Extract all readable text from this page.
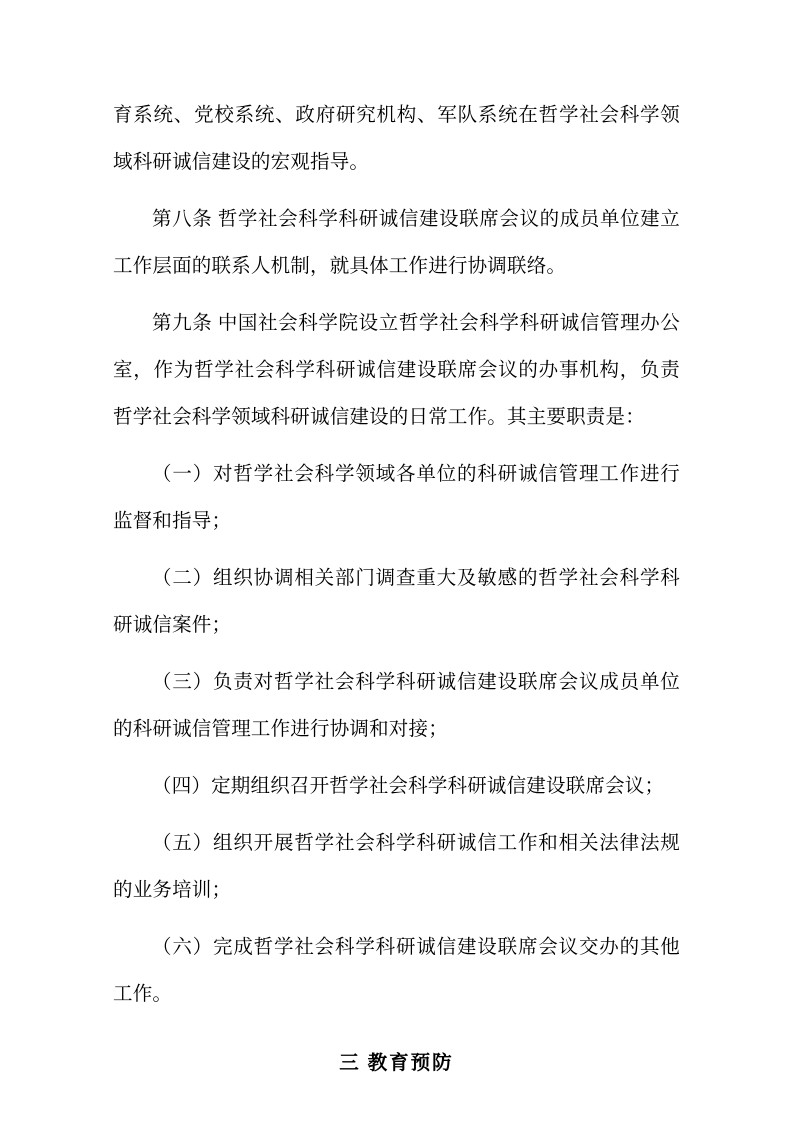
育系统、党校系统、政府研究机构、军队系统在哲学社会科学领域科研诚信建设的宏观指导。

第八条 哲学社会科学科研诚信建设联席会议的成员单位建立工作层面的联系人机制，就具体工作进行协调联络。

第九条 中国社会科学院设立哲学社会科学科研诚信管理办公室，作为哲学社会科学科研诚信建设联席会议的办事机构，负责哲学社会科学领域科研诚信建设的日常工作。其主要职责是：

（一）对哲学社会科学领域各单位的科研诚信管理工作进行监督和指导；

（二）组织协调相关部门调查重大及敏感的哲学社会科学科研诚信案件；

（三）负责对哲学社会科学科研诚信建设联席会议成员单位的科研诚信管理工作进行协调和对接；

（四）定期组织召开哲学社会科学科研诚信建设联席会议；

（五）组织开展哲学社会科学科研诚信工作和相关法律法规的业务培训；

（六）完成哲学社会科学科研诚信建设联席会议交办的其他工作。

三 教育预防
